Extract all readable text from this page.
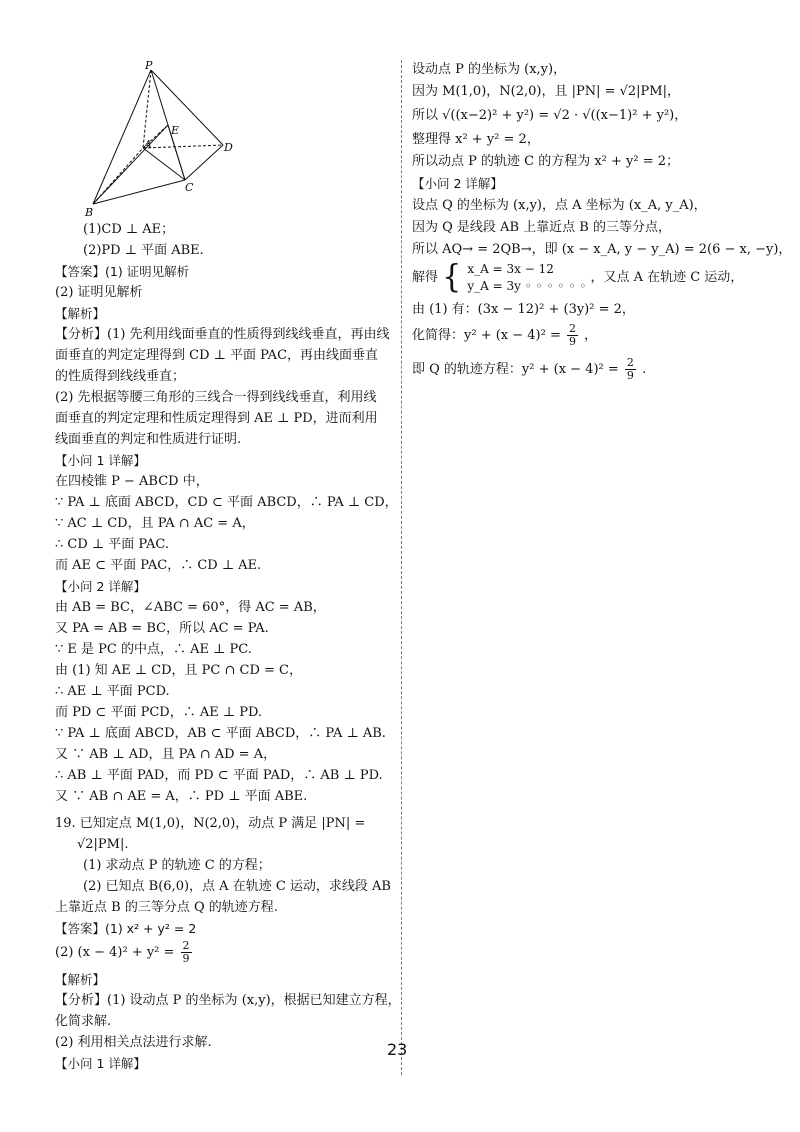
P
E
A	D
C
B
(1)CD ⊥ AE；
(2)PD ⊥ 平面 ABE.
【答案】(1) 证明见解析
(2) 证明见解析
【解析】
【分析】(1) 先利用线面垂直的性质得到线线垂直，再由线
面垂直的判定定理得到 CD ⊥ 平面 PAC，再由线面垂直
的性质得到线线垂直；
(2) 先根据等腰三角形的三线合一得到线线垂直，利用线
面垂直的判定定理和性质定理得到 AE ⊥ PD，进而利用
线面垂直的判定和性质进行证明.
【小问 1 详解】
在四棱锥 P − ABCD 中，
∵ PA ⊥ 底面 ABCD，CD ⊂ 平面 ABCD，∴ PA ⊥ CD，
∵ AC ⊥ CD，且 PA ∩ AC = A，
∴ CD ⊥ 平面 PAC.
而 AE ⊂ 平面 PAC，∴ CD ⊥ AE.
【小问 2 详解】
由 AB = BC，∠ABC = 60°，得 AC = AB，
又 PA = AB = BC，所以 AC = PA.
∵ E 是 PC 的中点，∴ AE ⊥ PC.
由 (1) 知 AE ⊥ CD，且 PC ∩ CD = C，
∴ AE ⊥ 平面 PCD.
而 PD ⊂ 平面 PCD，∴ AE ⊥ PD.
∵ PA ⊥ 底面 ABCD，AB ⊂ 平面 ABCD，∴ PA ⊥ AB.
又 ∵ AB ⊥ AD，且 PA ∩ AD = A，
∴ AB ⊥ 平面 PAD，而 PD ⊂ 平面 PAD，∴ AB ⊥ PD.
又 ∵ AB ∩ AE = A，∴ PD ⊥ 平面 ABE.
19. 已知定点 M(1,0)，N(2,0)，动点 P 满足 |PN| =
√2|PM|.
(1) 求动点 P 的轨迹 C 的方程；
(2) 已知点 B(6,0)，点 A 在轨迹 C 运动，求线段 AB
上靠近点 B 的三等分点 Q 的轨迹方程.
【答案】(1) x² + y² = 2
(2) $(x - 4)^2 + y^2 = \frac{2}{9}$
【解析】
【分析】(1) 设动点 P 的坐标为 (x,y)，根据已知建立方程，
化简求解.
(2) 利用相关点法进行求解.
【小问 1 详解】
设动点 P 的坐标为 (x,y)，
因为 M(1,0)，N(2,0)，且 |PN| = √2|PM|，
所以 √((x−2)² + y²) = √2 · √((x−1)² + y²)，
整理得 x² + y² = 2，
所以动点 P 的轨迹 C 的方程为 x² + y² = 2；
【小问 2 详解】
设点 Q 的坐标为 (x,y)，点 A 坐标为 (x_A, y_A)，
因为 Q 是线段 AB 上靠近点 B 的三等分点，
所以 AQ→ = 2QB→，即 (x − x_A, y − y_A) = 2(6 − x, −y)，
解得 { x_A = 3x − 12
y_A = 3y ◦ ◦ ◦ ◦ ◦ ◦
，又点 A 在轨迹 C 运动，
由 (1) 有：(3x − 12)² + (3y)² = 2，
化简得：$y^2 + (x - 4)^2 = \frac{2}{9}$ ，
即 Q 的轨迹方程：$y^2 + (x - 4)^2 = \frac{2}{9}$ .
23
